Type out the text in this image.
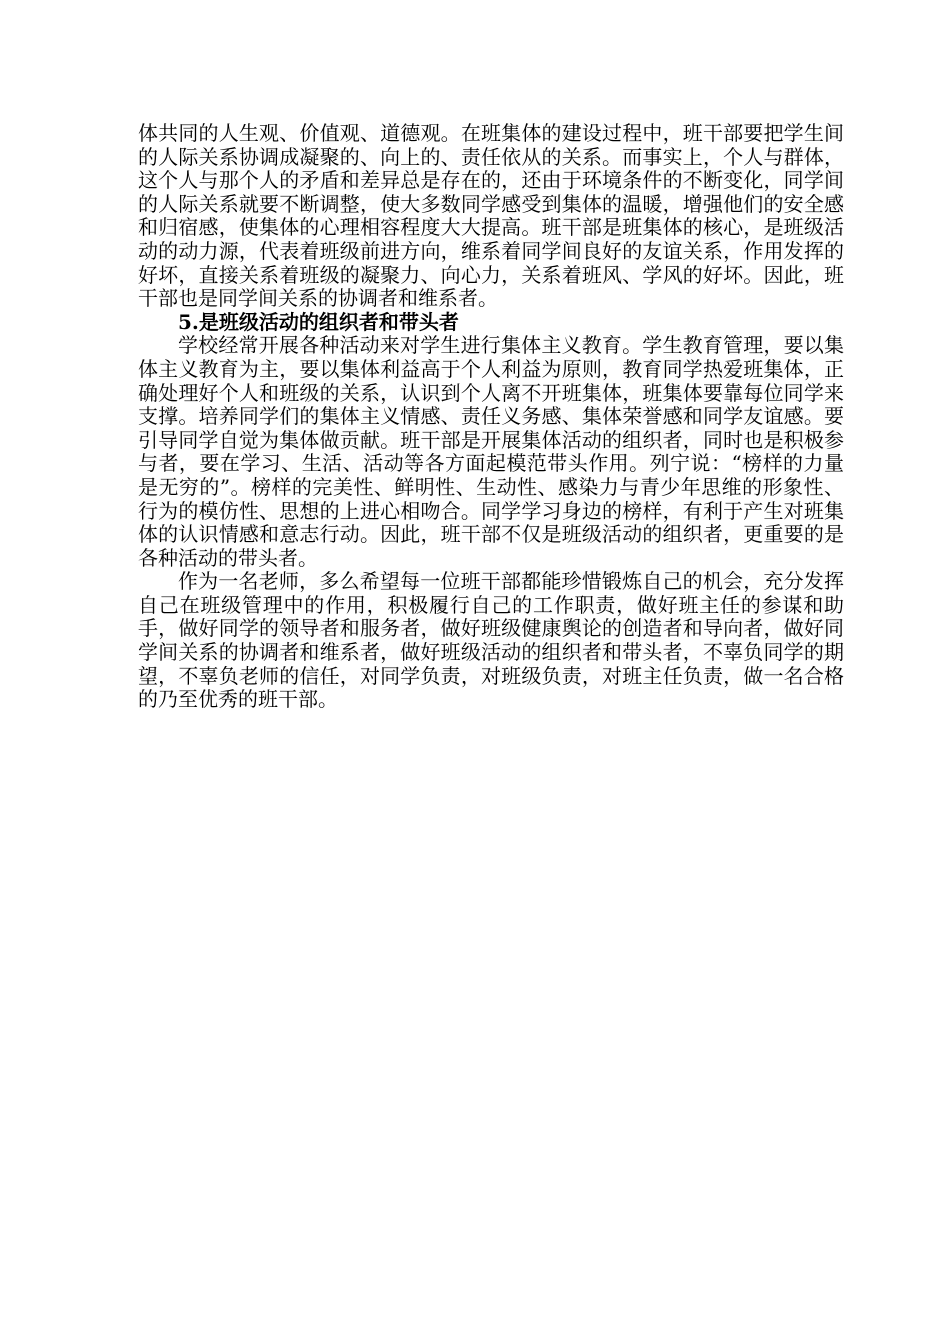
体共同的人生观、价值观、道德观。在班集体的建设过程中，班干部要把学生间的人际关系协调成凝聚的、向上的、责任依从的关系。而事实上，个人与群体，这个人与那个人的矛盾和差异总是存在的，还由于环境条件的不断变化，同学间的人际关系就要不断调整，使大多数同学感受到集体的温暖，增强他们的安全感和归宿感，使集体的心理相容程度大大提高。班干部是班集体的核心，是班级活动的动力源，代表着班级前进方向，维系着同学间良好的友谊关系，作用发挥的好坏，直接关系着班级的凝聚力、向心力，关系着班风、学风的好坏。因此，班干部也是同学间关系的协调者和维系者。

5.是班级活动的组织者和带头者

学校经常开展各种活动来对学生进行集体主义教育。学生教育管理，要以集体主义教育为主，要以集体利益高于个人利益为原则，教育同学热爱班集体，正确处理好个人和班级的关系，认识到个人离不开班集体，班集体要靠每位同学来支撑。培养同学们的集体主义情感、责任义务感、集体荣誉感和同学友谊感。要引导同学自觉为集体做贡献。班干部是开展集体活动的组织者，同时也是积极参与者，要在学习、生活、活动等各方面起模范带头作用。列宁说：“榜样的力量是无穷的”。榜样的完美性、鲜明性、生动性、感染力与青少年思维的形象性、行为的模仿性、思想的上进心相吻合。同学学习身边的榜样，有利于产生对班集体的认识情感和意志行动。因此，班干部不仅是班级活动的组织者，更重要的是各种活动的带头者。

作为一名老师，多么希望每一位班干部都能珍惜锻炼自己的机会，充分发挥自己在班级管理中的作用，积极履行自己的工作职责，做好班主任的参谋和助手，做好同学的领导者和服务者，做好班级健康舆论的创造者和导向者，做好同学间关系的协调者和维系者，做好班级活动的组织者和带头者，不辜负同学的期望，不辜负老师的信任，对同学负责，对班级负责，对班主任负责，做一名合格的乃至优秀的班干部。
